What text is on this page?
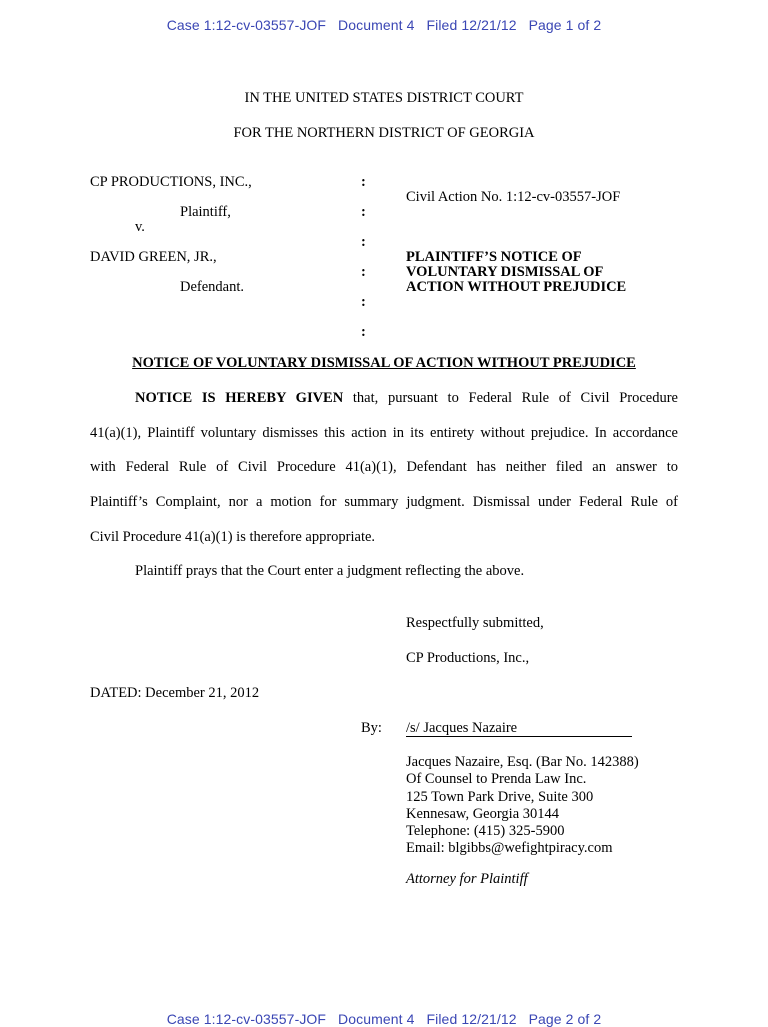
Case 1:12-cv-03557-JOF   Document 4   Filed 12/21/12   Page 1 of 2
IN THE UNITED STATES DISTRICT COURT
FOR THE NORTHERN DISTRICT OF GEORGIA
CP PRODUCTIONS, INC.,
Plaintiff,
v.
DAVID GREEN, JR.,
Defendant.
:
:
:
:
:
:
Civil Action No. 1:12-cv-03557-JOF
PLAINTIFF’S NOTICE OF
VOLUNTARY DISMISSAL OF
ACTION WITHOUT PREJUDICE
NOTICE OF VOLUNTARY DISMISSAL OF ACTION WITHOUT PREJUDICE
NOTICE IS HEREBY GIVEN that, pursuant to Federal Rule of Civil Procedure
41(a)(1), Plaintiff voluntary dismisses this action in its entirety without prejudice. In accordance
with Federal Rule of Civil Procedure 41(a)(1), Defendant has neither filed an answer to
Plaintiff’s Complaint, nor a motion for summary judgment. Dismissal under Federal Rule of
Civil Procedure 41(a)(1) is therefore appropriate.
Plaintiff prays that the Court enter a judgment reflecting the above.
Respectfully submitted,
CP Productions, Inc.,
DATED: December 21, 2012
By: /s/ Jacques Nazaire
Jacques Nazaire, Esq. (Bar No. 142388)
Of Counsel to Prenda Law Inc.
125 Town Park Drive, Suite 300
Kennesaw, Georgia 30144
Telephone: (415) 325-5900
Email: blgibbs@wefightpiracy.com
Attorney for Plaintiff
Case 1:12-cv-03557-JOF   Document 4   Filed 12/21/12   Page 2 of 2
